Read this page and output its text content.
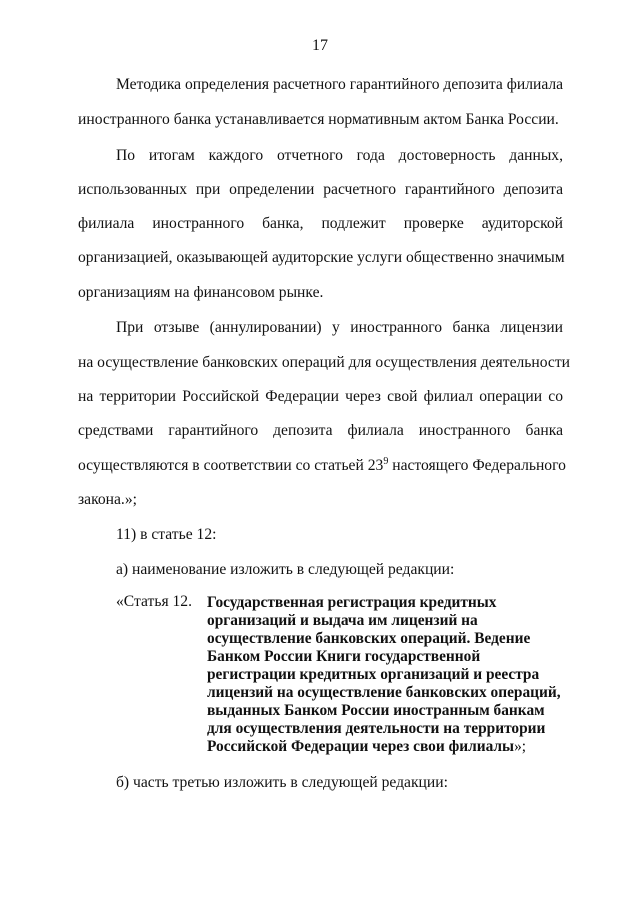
17
Методика определения расчетного гарантийного депозита филиала
иностранного банка устанавливается нормативным актом Банка России.
По итогам каждого отчетного года достоверность данных,
использованных при определении расчетного гарантийного депозита
филиала иностранного банка, подлежит проверке аудиторской
организацией, оказывающей аудиторские услуги общественно значимым
организациям на финансовом рынке.
При отзыве (аннулировании) у иностранного банка лицензии
на осуществление банковских операций для осуществления деятельности
на территории Российской Федерации через свой филиал операции со
средствами гарантийного депозита филиала иностранного банка
осуществляются в соответствии со статьей $23^9$ настоящего Федерального
закона.»;
11) в статье 12:
а) наименование изложить в следующей редакции:
«Статья 12. Государственная регистрация кредитных
организаций и выдача им лицензий на
осуществление банковских операций. Ведение
Банком России Книги государственной
регистрации кредитных организаций и реестра
лицензий на осуществление банковских операций,
выданных Банком России иностранным банкам
для осуществления деятельности на территории
Российской Федерации через свои филиалы»;
б) часть третью изложить в следующей редакции:
